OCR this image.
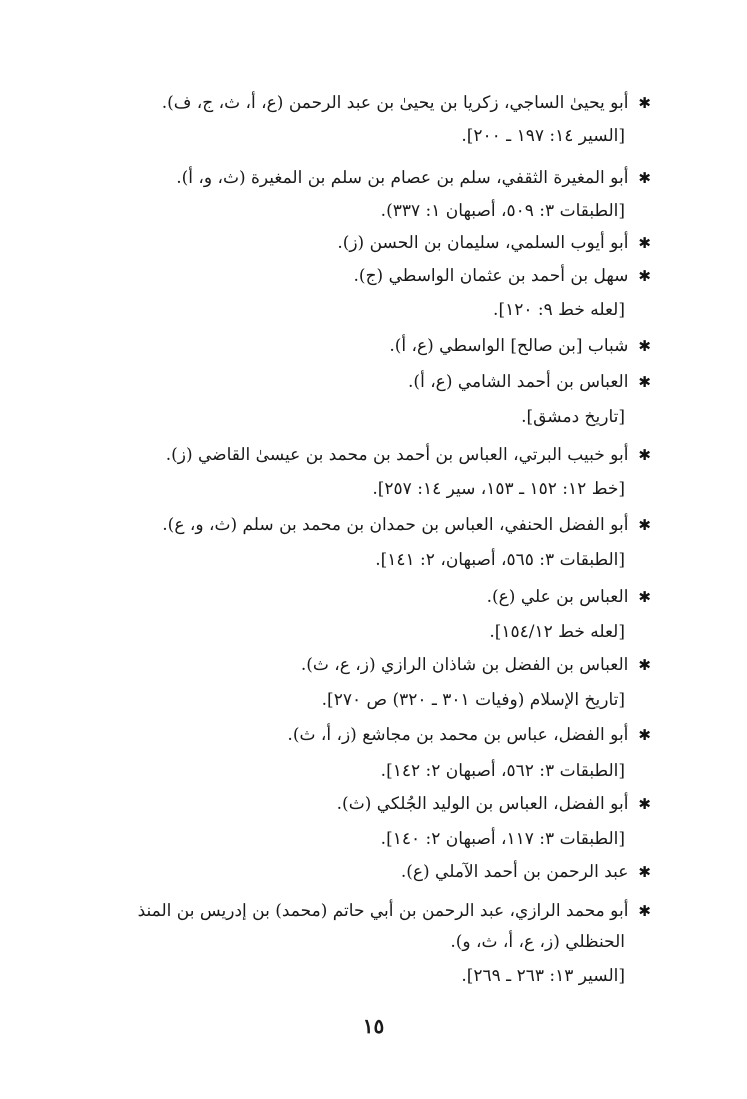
✱أبو يحيىٰ الساجي، زكريا بن يحيىٰ بن عبد الرحمن (ع، أ، ث، ج، ف).
[السير ١٤: ١٩٧ ـ ٢٠٠].
✱أبو المغيرة الثقفي، سلم بن عصام بن سلم بن المغيرة (ث، و، أ).
[الطبقات ٣: ٥٠٩، أصبهان ١: ٣٣٧).
✱أبو أيوب السلمي، سليمان بن الحسن (ز).
✱سهل بن أحمد بن عثمان الواسطي (ج).
[لعله خط ٩: ١٢٠].
✱شباب [بن صالح] الواسطي (ع، أ).
✱العباس بن أحمد الشامي (ع، أ).
[تاريخ دمشق].
✱أبو خبيب البرتي، العباس بن أحمد بن محمد بن عيسىٰ القاضي (ز).
[خط ١٢: ١٥٢ ـ ١٥٣، سير ١٤: ٢٥٧].
✱أبو الفضل الحنفي، العباس بن حمدان بن محمد بن سلم (ث، و، ع).
[الطبقات ٣: ٥٦٥، أصبهان، ٢: ١٤١].
✱العباس بن علي (ع).
[لعله خط ١٥٤/١٢].
✱العباس بن الفضل بن شاذان الرازي (ز، ع، ث).
[تاريخ الإسلام (وفيات ٣٠١ ـ ٣٢٠) ص ٢٧٠].
✱أبو الفضل، عباس بن محمد بن مجاشع (ز، أ، ث).
[الطبقات ٣: ٥٦٢، أصبهان ٢: ١٤٢].
✱أبو الفضل، العباس بن الوليد الجُلكي (ث).
[الطبقات ٣: ١١٧، أصبهان ٢: ١٤٠].
✱عبد الرحمن بن أحمد الآملي (ع).
✱أبو محمد الرازي، عبد الرحمن بن أبي حاتم (محمد) بن إدريس بن المنذ
الحنظلي (ز، ع، أ، ث، و).
[السير ١٣: ٢٦٣ ـ ٢٦٩].
١٥
